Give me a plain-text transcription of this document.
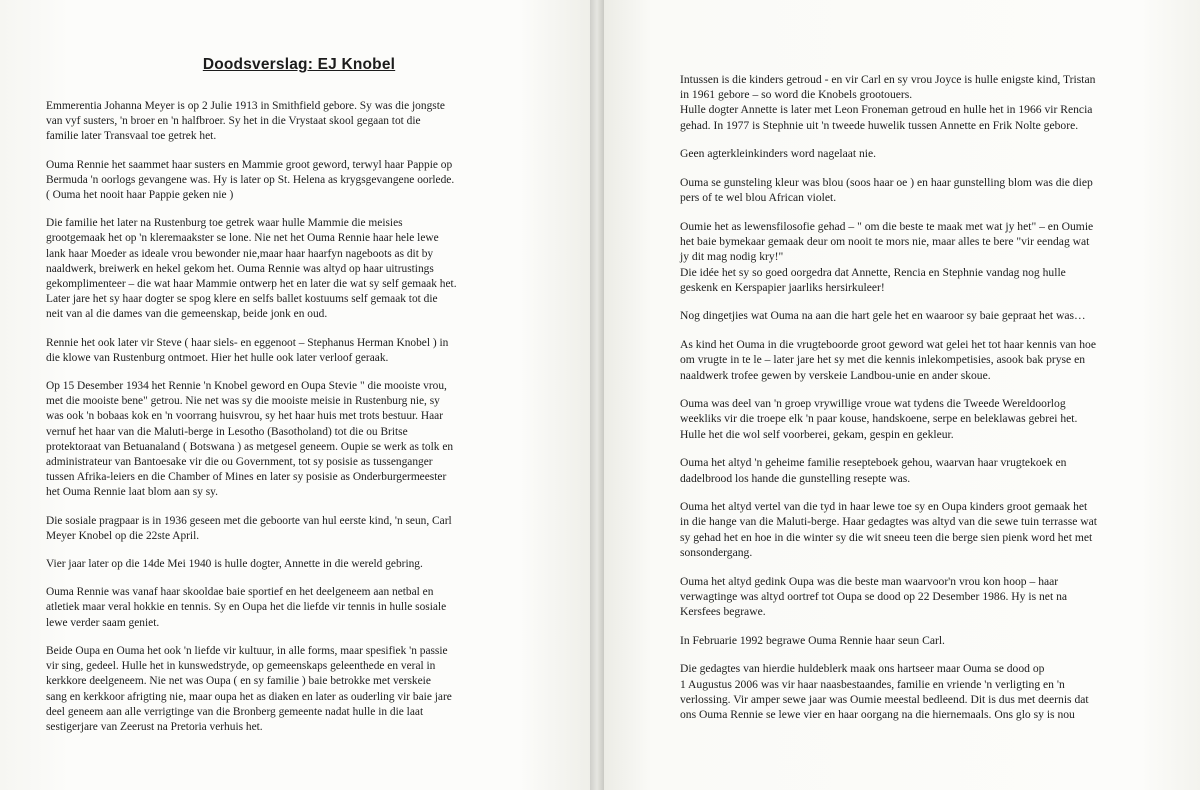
Doodsverslag: EJ Knobel

Emmerentia Johanna Meyer is op 2 Julie 1913 in Smithfield gebore. Sy was die jongste
van vyf susters, 'n broer en 'n halfbroer. Sy het in die Vrystaat skool gegaan tot die
familie later Transvaal toe getrek het.

Ouma Rennie het saammet haar susters en Mammie groot geword, terwyl haar Pappie op
Bermuda 'n oorlogs gevangene was. Hy is later op St. Helena as krygsgevangene oorlede.
( Ouma het nooit haar Pappie geken nie )

Die familie het later na Rustenburg toe getrek waar hulle Mammie die meisies
grootgemaak het op 'n kleremaakster se lone. Nie net het Ouma Rennie haar hele lewe
lank haar Moeder as ideale vrou bewonder nie,maar haar haarfyn nageboots as dit by
naaldwerk, breiwerk en hekel gekom het. Ouma Rennie was altyd op haar uitrustings
gekomplimenteer – die wat haar Mammie ontwerp het en later die wat sy self gemaak het.
Later jare het sy haar dogter se spog klere en selfs ballet kostuums self gemaak tot die
neit van al die dames van die gemeenskap, beide jonk en oud.

Rennie het ook later vir Steve ( haar siels- en eggenoot – Stephanus Herman Knobel ) in
die klowe van Rustenburg ontmoet. Hier het hulle ook later verloof geraak.

Op 15 Desember 1934 het Rennie 'n Knobel geword en Oupa Stevie " die mooiste vrou,
met die mooiste bene" getrou. Nie net was sy die mooiste meisie in Rustenburg nie, sy
was ook 'n bobaas kok en 'n voorrang huisvrou, sy het haar huis met trots bestuur. Haar
vernuf het haar van die Maluti-berge in Lesotho (Basotholand) tot die ou Britse
protektoraat van Betuanaland ( Botswana ) as metgesel geneem. Oupie se werk as tolk en
administrateur van Bantoesake vir die ou Government, tot sy posisie as tussenganger
tussen Afrika-leiers en die Chamber of Mines en later sy posisie as Onderburgermeester
het Ouma Rennie laat blom aan sy sy.

Die sosiale pragpaar is in 1936 geseen met die geboorte van hul eerste kind, 'n seun, Carl
Meyer Knobel op die 22ste April.

Vier jaar later op die 14de Mei 1940 is hulle dogter, Annette in die wereld gebring.

Ouma Rennie was vanaf haar skooldae baie sportief en het deelgeneem aan netbal en
atletiek maar veral hokkie en tennis. Sy en Oupa het die liefde vir tennis in hulle sosiale
lewe verder saam geniet.

Beide Oupa en Ouma het ook 'n liefde vir kultuur, in alle forms, maar spesifiek 'n passie
vir sing, gedeel. Hulle het in kunswedstryde, op gemeenskaps geleenthede en veral in
kerkkore deelgeneem. Nie net was Oupa ( en sy familie ) baie betrokke met verskeie
sang en kerkkoor afrigting nie, maar oupa het as diaken en later as ouderling vir baie jare
deel geneem aan alle verrigtinge van die Bronberg gemeente nadat hulle in die laat
sestigerjare van Zeerust na Pretoria verhuis het.

Intussen is die kinders getroud - en vir Carl en sy vrou Joyce is hulle enigste kind, Tristan
in 1961 gebore – so word die Knobels grootouers.
Hulle dogter Annette is later met Leon Froneman getroud en hulle het in 1966 vir Rencia
gehad. In 1977 is Stephnie uit 'n tweede huwelik tussen Annette en Frik Nolte gebore.

Geen agterkleinkinders word nagelaat nie.

Ouma se gunsteling kleur was blou (soos haar oe ) en haar gunstelling blom was die diep
pers of te wel blou African violet.

Oumie het as lewensfilosofie gehad – " om die beste te maak met wat jy het" – en Oumie
het baie bymekaar gemaak deur om nooit te mors nie, maar alles te bere "vir eendag wat
jy dit mag nodig kry!"
Die idée het sy so goed oorgedra dat Annette, Rencia en Stephnie vandag nog hulle
geskenk en Kerspapier jaarliks hersirkuleer!

Nog dingetjies wat Ouma na aan die hart gele het en waaroor sy baie gepraat het was…

As kind het Ouma in die vrugteboorde groot geword wat gelei het tot haar kennis van hoe
om vrugte in te le – later jare het sy met die kennis inlekompetisies, asook bak pryse en
naaldwerk trofee gewen by verskeie Landbou-unie en ander skoue.

Ouma was deel van 'n groep vrywillige vroue wat tydens die Tweede Wereldoorlog
weekliks vir die troepe elk 'n paar kouse, handskoene, serpe en beleklawas gebrei het.
Hulle het die wol self voorberei, gekam, gespin en gekleur.

Ouma het altyd 'n geheime familie resepteboek gehou, waarvan haar vrugtekoek en
dadelbrood los hande die gunstelling resepte was.

Ouma het altyd vertel van die tyd in haar lewe toe sy en Oupa kinders groot gemaak het
in die hange van die Maluti-berge. Haar gedagtes was altyd van die sewe tuin terrasse wat
sy gehad het en hoe in die winter sy die wit sneeu teen die berge sien pienk word het met
sonsondergang.

Ouma het altyd gedink Oupa was die beste man waarvoor'n vrou kon hoop – haar
verwagtinge was altyd oortref tot Oupa se dood op 22 Desember 1986. Hy is net na
Kersfees begrawe.

In Februarie 1992 begrawe Ouma Rennie haar seun Carl.

Die gedagtes van hierdie huldeblerk maak ons hartseer maar Ouma se dood op
1 Augustus 2006 was vir haar naasbestaandes, familie en vriende 'n verligting en 'n
verlossing. Vir amper sewe jaar was Oumie meestal bedleend. Dit is dus met deernis dat
ons Ouma Rennie se lewe vier en haar oorgang na die hiernemaals. Ons glo sy is nou
